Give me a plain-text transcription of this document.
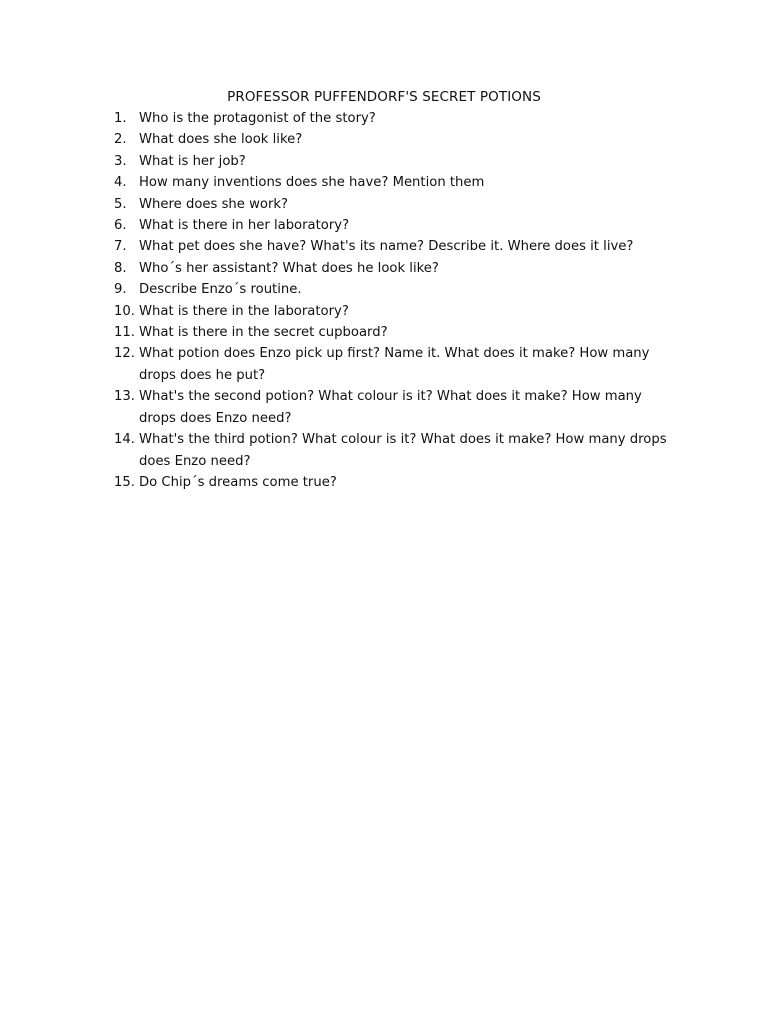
PROFESSOR PUFFENDORF'S SECRET POTIONS
1. Who is the protagonist of the story?
2. What does she look like?
3. What is her job?
4. How many inventions does she have? Mention them
5. Where does she work?
6. What is there in her laboratory?
7. What pet does she have? What's its name? Describe it. Where does it live?
8. Who´s her assistant? What does he look like?
9. Describe Enzo´s routine.
10. What is there in the laboratory?
11. What is there in the secret cupboard?
12. What potion does Enzo pick up first? Name it. What does it make? How many drops does he put?
13. What's the second potion? What colour is it? What does it make? How many drops does Enzo need?
14. What's the third potion? What colour is it? What does it make? How many drops does Enzo need?
15. Do Chip´s dreams come true?
